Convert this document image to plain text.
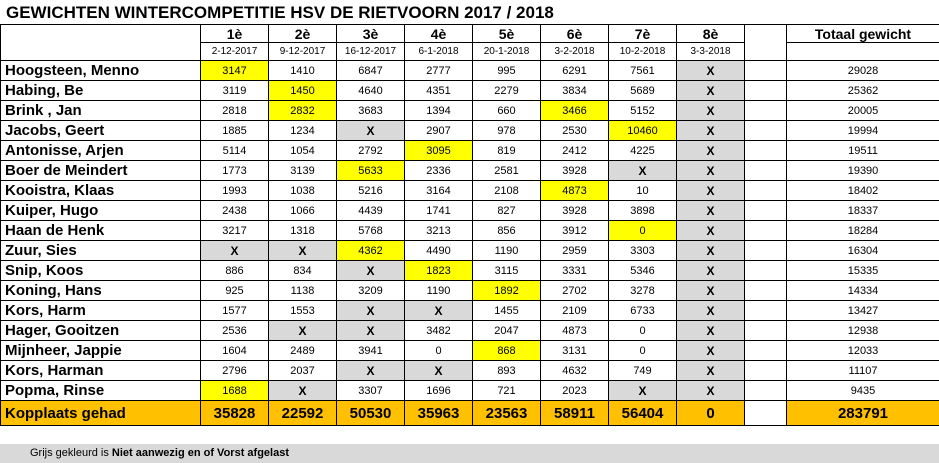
GEWICHTEN WINTERCOMPETITIE HSV DE RIETVOORN 2017 / 2018
	1è	2è	3è	4è	5è	6è	7è	8è		Totaal gewicht
	2-12-2017	9-12-2017	16-12-2017	6-1-2018	20-1-2018	3-2-2018	10-2-2018	3-3-2018		
Hoogsteen, Menno	3147	1410	6847	2777	995	6291	7561	X		29028
Habing, Be	3119	1450	4640	4351	2279	3834	5689	X		25362
Brink , Jan	2818	2832	3683	1394	660	3466	5152	X		20005
Jacobs, Geert	1885	1234	X	2907	978	2530	10460	X		19994
Antonisse, Arjen	5114	1054	2792	3095	819	2412	4225	X		19511
Boer de Meindert	1773	3139	5633	2336	2581	3928	X	X		19390
Kooistra, Klaas	1993	1038	5216	3164	2108	4873	10	X		18402
Kuiper, Hugo	2438	1066	4439	1741	827	3928	3898	X		18337
Haan de Henk	3217	1318	5768	3213	856	3912	0	X		18284
Zuur, Sies	X	X	4362	4490	1190	2959	3303	X		16304
Snip, Koos	886	834	X	1823	3115	3331	5346	X		15335
Koning, Hans	925	1138	3209	1190	1892	2702	3278	X		14334
Kors, Harm	1577	1553	X	X	1455	2109	6733	X		13427
Hager, Gooitzen	2536	X	X	3482	2047	4873	0	X		12938
Mijnheer, Jappie	1604	2489	3941	0	868	3131	0	X		12033
Kors, Harman	2796	2037	X	X	893	4632	749	X		11107
Popma, Rinse	1688	X	3307	1696	721	2023	X	X		9435
Kopplaats gehad	35828	22592	50530	35963	23563	58911	56404	0		283791
Grijs gekleurd is Niet aanwezig en of Vorst afgelast
